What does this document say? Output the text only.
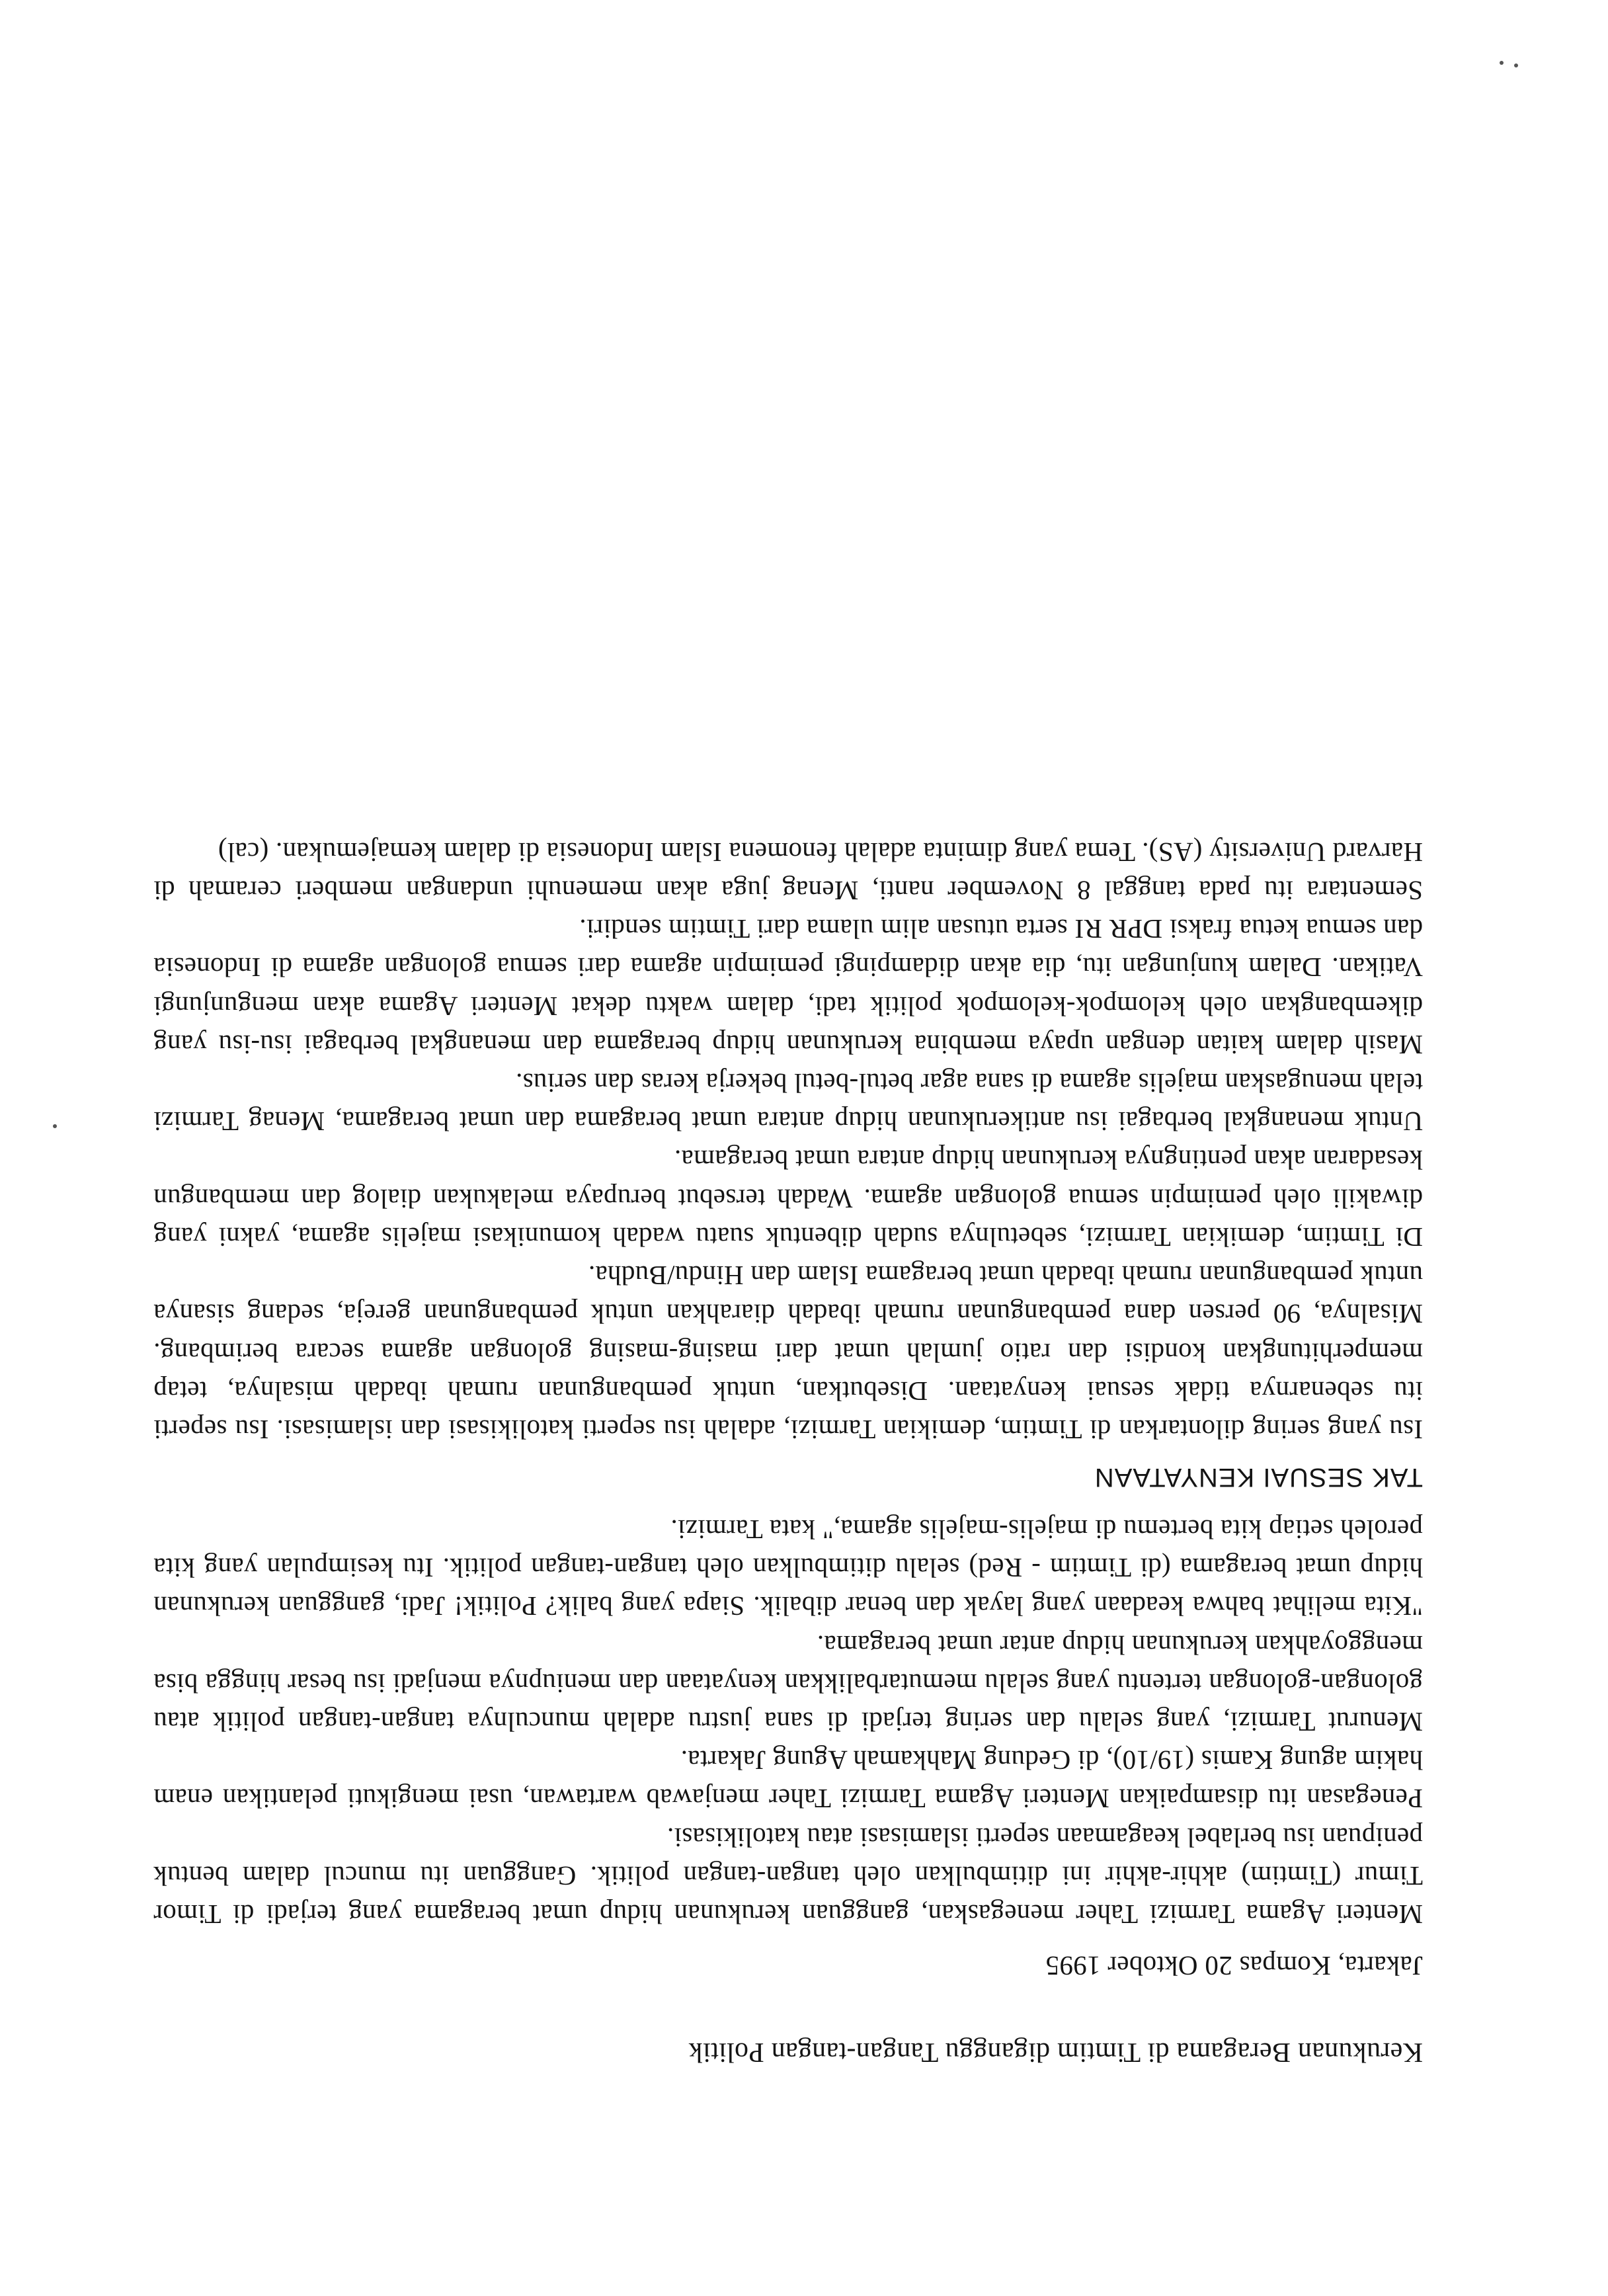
Kerukunan Beragama di Timtim diganggu Tangan-tangan Politik
Jakarta, Kompas 20 Oktober 1995

Menteri Agama Tarmizi Taher menegaskan, gangguan kerukunan hidup umat beragama yang terjadi di Timor Timur (Timtim) akhir-akhir ini ditimbulkan oleh tangan-tangan politik. Gangguan itu muncul dalam bentuk penipuan isu berlabel keagamaan seperti islamisasi atau katolikisasi.

Penegasan itu disampaikan Menteri Agama Tarmizi Taher menjawab wartawan, usai mengikuti pelantikan enam hakim agung Kamis (19/10), di Gedung Mahkamah Agung Jakarta.

Menurut Tarmizi, yang selalu dan sering terjadi di sana justru adalah munculnya tangan-tangan politik atau golongan-golongan tertentu yang selalu memutarbalikkan kenyataan dan meniupnya menjadi isu besar hingga bisa menggoyahkan kerukunan hidup antar umat beragama.

"Kita melihat bahwa keadaan yang layak dan benar dibalik. Siapa yang balik? Politik! Jadi, gangguan kerukunan hidup umat beragama (di Timtim - Red) selalu ditimbulkan oleh tangan-tangan politik. Itu kesimpulan yang kita peroleh setiap kita bertemu di majelis-majelis agama," kata Tarmizi.

TAK SESUAI KENYATAAN

Isu yang sering dilontarkan di Timtim, demikian Tarmizi, adalah isu seperti katolikisasi dan islamisasi. Isu seperti itu sebenarnya tidak sesuai kenyataan. Disebutkan, untuk pembangunan rumah ibadah misalnya, tetap memperhitungkan kondisi dan ratio jumlah umat dari masing-masing golongan agama secara berimbang. Misalnya, 90 persen dana pembangunan rumah ibadah diarahkan untuk pembangunan gereja, sedang sisanya untuk pembangunan rumah ibadah umat beragama Islam dan Hindu/Budha.

Di Timtim, demikian Tarmizi, sebetulnya sudah dibentuk suatu wadah komunikasi majelis agama, yakni yang diwakili oleh pemimpin semua golongan agama. Wadah tersebut berupaya melakukan dialog dan membangun kesadaran akan pentingnya kerukunan hidup antara umat beragama.

Untuk menangkal berbagai isu antikerukunan hidup antara umat beragama dan umat beragama, Menag Tarmizi telah menugaskan majelis agama di sana agar betul-betul bekerja keras dan serius.

Masih dalam kaitan dengan upaya membina kerukunan hidup beragama dan menangkal berbagai isu-isu yang dikembangkan oleh kelompok-kelompok politik tadi, dalam waktu dekat Menteri Agama akan mengunjungi Vatikan. Dalam kunjungan itu, dia akan didampingi pemimpin agama dari semua golongan agama di Indonesia dan semua ketua fraksi DPR RI serta utusan alim ulama dari Timtim sendiri.

Sementara itu pada tanggal 8 November nanti, Menag juga akan memenuhi undangan memberi ceramah di Harvard University (AS). Tema yang diminta adalah fenomena Islam Indonesia di dalam kemajemukan. (cal)
